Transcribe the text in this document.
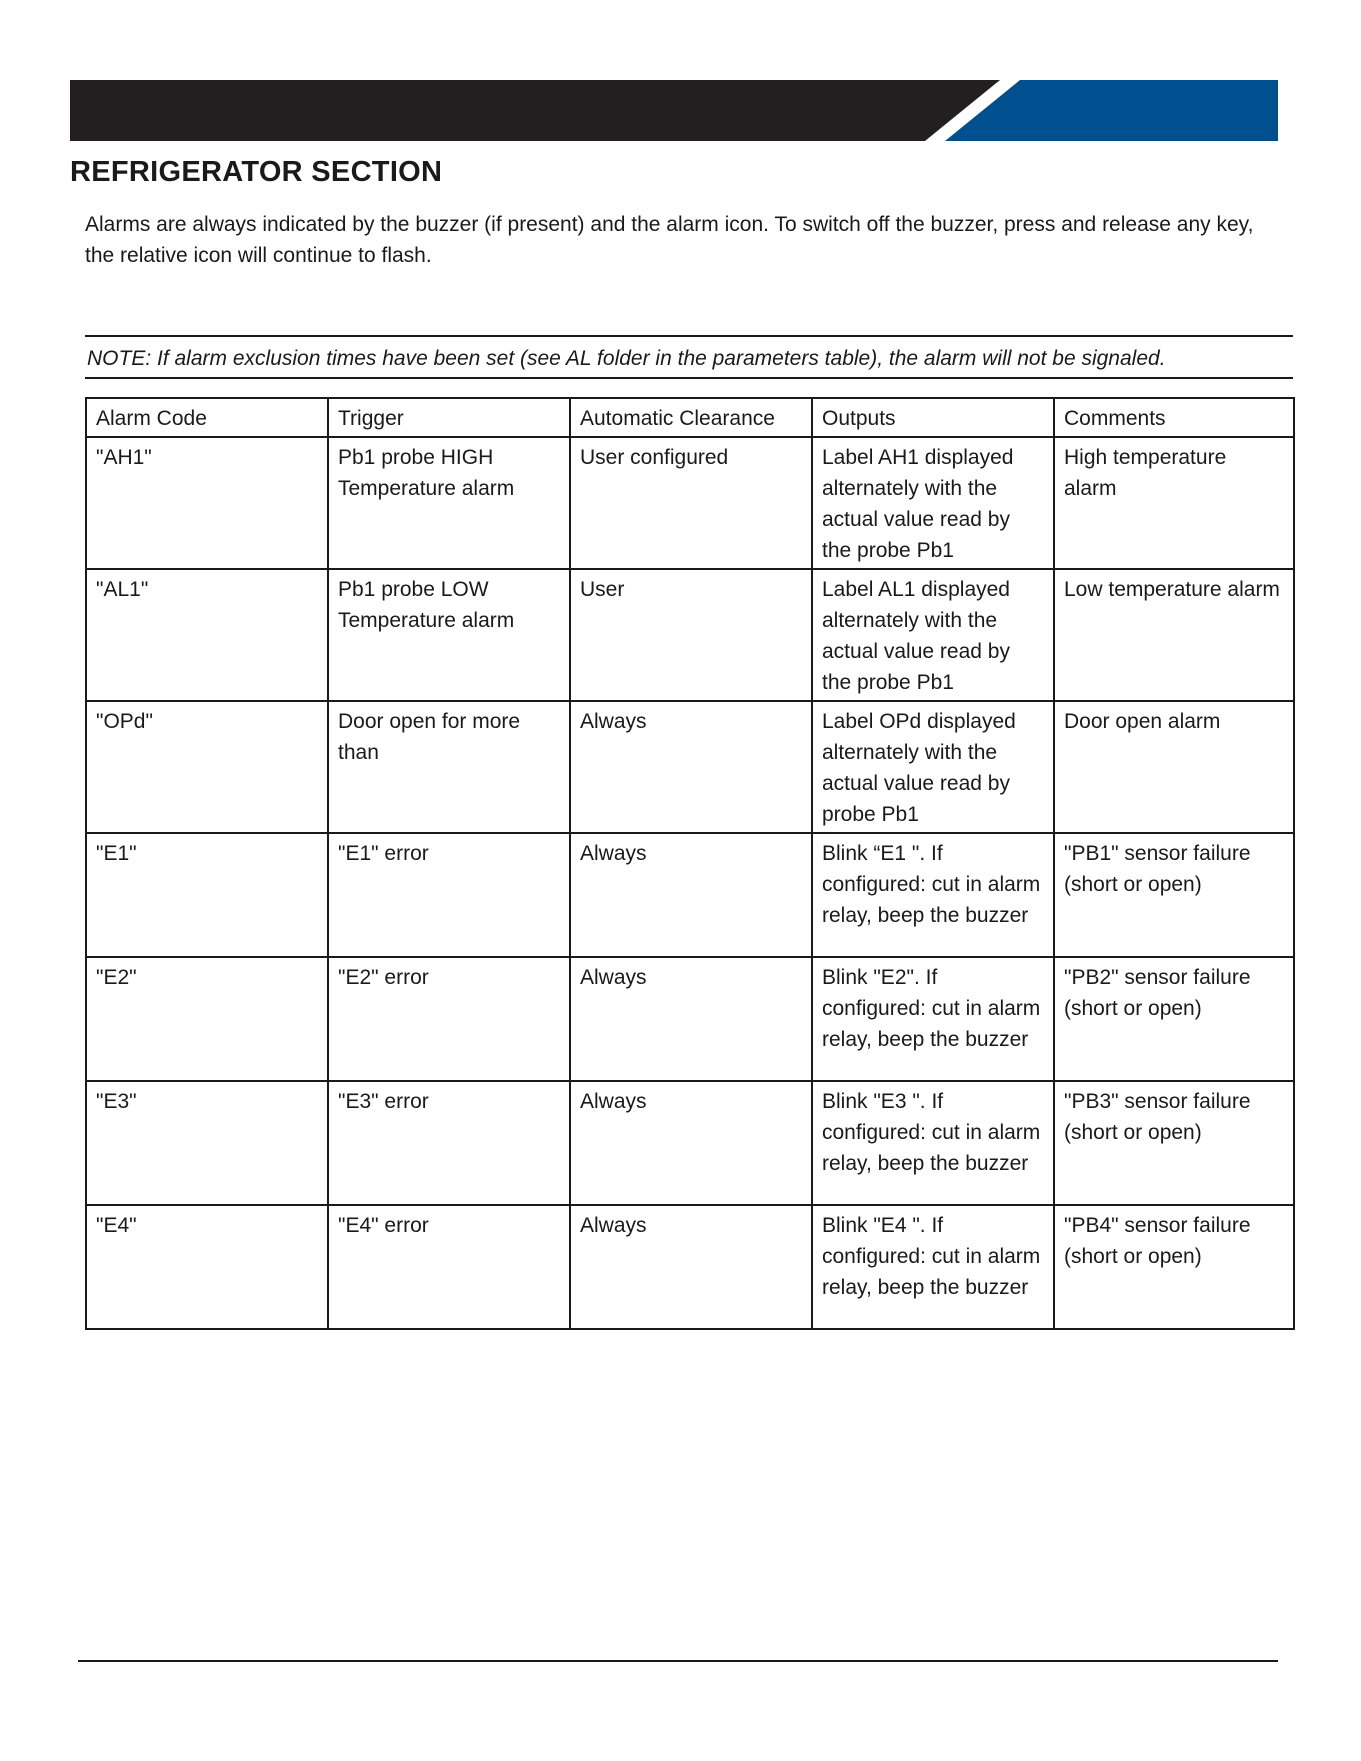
REFRIGERATOR SECTION

Alarms are always indicated by the buzzer (if present) and the alarm icon. To switch off the buzzer, press and release any key, the relative icon will continue to flash.

NOTE: If alarm exclusion times have been set (see AL folder in the parameters table), the alarm will not be signaled.

Alarm Code	Trigger	Automatic Clearance	Outputs	Comments
"AH1"	Pb1 probe HIGH Temperature alarm	User configured	Label AH1 displayed alternately with the actual value read by the probe Pb1	High temperature alarm
"AL1"	Pb1 probe LOW Temperature alarm	User	Label AL1 displayed alternately with the actual value read by the probe Pb1	Low temperature alarm
"OPd"	Door open for more than	Always	Label OPd displayed alternately with the actual value read by probe Pb1	Door open alarm
"E1"	"E1" error	Always	Blink “E1 ". If configured: cut in alarm relay, beep the buzzer	"PB1" sensor failure (short or open)
"E2"	"E2" error	Always	Blink "E2". If configured: cut in alarm relay, beep the buzzer	"PB2" sensor failure (short or open)
"E3"	"E3" error	Always	Blink "E3 ". If configured: cut in alarm relay, beep the buzzer	"PB3" sensor failure (short or open)
"E4"	"E4" error	Always	Blink "E4 ". If configured: cut in alarm relay, beep the buzzer	"PB4" sensor failure (short or open)
